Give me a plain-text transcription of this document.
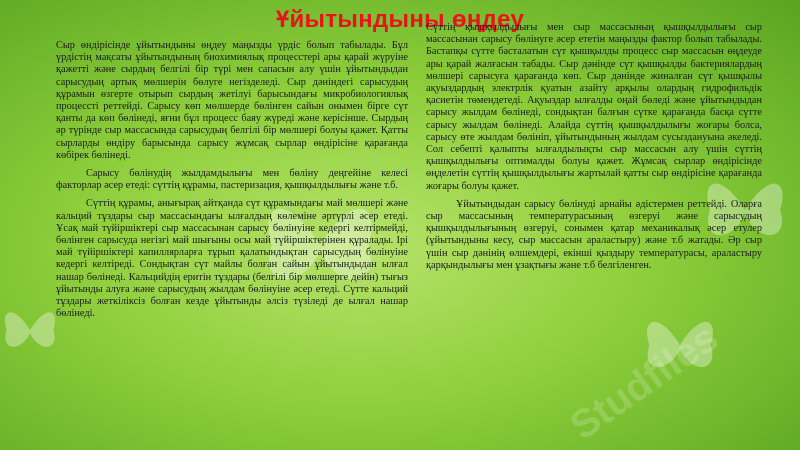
Studfiles
Ұйытындыны өңдеу

Сыр өндірісінде ұйытындыны өңдеу маңызды үрдіс болып табылады. Бұл үрдістің мақсаты ұйытындының биохимиялық процесстері ары қарай жүруіне қажетті және сырдың белгілі бір түрі мен сапасын алу үшін ұйытындыдан сарысудың артық мөлшерін бөлуге негізделеді. Сыр дәніндегі сарысудың құрамын өзгерте отырып сырдың жетілуі барысындағы микробиологиялық процессті реттейді. Сарысу көп мөлшерде бөлінген сайын онымен бірге сүт қанты да көп бөлінеді, яғни бұл процесс баяу жүреді және керісінше. Сырдың әр түрінде сыр массасында сарысудың белгілі бір мөлшері болуы қажет. Қатты сырларды өндіру барысында сарысу жұмсақ сырлар өндірісіне қарағанда көбірек бөлінеді.

Сарысу бөлінудің жылдамдылығы мен бөліну деңгейіне келесі факторлар әсер етеді: сүттің құрамы, пастеризация, қышқылдылығы және т.б.

Сүттің құрамы, анығырақ айтқанда сүт құрамындағы май мөлшері және кальций тұздары сыр массасындағы ылғалдың көлеміне әртүрлі әсер етеді. Ұсақ май түйіршіктері сыр массасынан сарысу бөлінуіне кедергі келтірмейді, бөлінген сарысуда негізгі май шығыны осы май түйіршіктерінен құралады. Ірі май түйіршіктері капиллярларға тұрып қалатындықтан сарысудың бөлінуіне кедергі келтіреді. Сондықтан сүт майлы болған сайын ұйытындыдан ылғал нашар бөлінеді. Кальцийдің еритін тұздары (белгілі бір мөлшерге дейін) тығыз ұйытынды алуға және сарысудың жылдам бөлінуіне әсер етеді. Сүтте кальций тұздары жеткіліксіз болған кезде ұйытынды әлсіз түзіледі де ылғал нашар бөлінеді.

Сүттің қышқылдылығы мен сыр массасының қышқылдылығы сыр массасынан сарысу бөлінуге әсер ететін маңызды фактор болып табылады. Бастапқы сүтте басталатын сүт қышқылды процесс сыр массасын өңдеуде ары қарай жалғасын табады. Сыр дәнінде сүт қышқылды бактериялардың мөлшері сарысуға қарағанда көп. Сыр дәнінде жиналған сүт қышқылы ақуыздардың электрлік қуатын азайту арқылы олардың гидрофильдік қасиетін төмендетеді. Ақуыздар ылғалды оңай бөледі және ұйытындыдан сарысу жылдам бөлінеді, сондықтан балғын сүтке қарағанда басқа сүтте сарысу жылдам бөлінеді. Алайда сүттің қышқылдылығы жоғары болса, сарысу өте жылдам бөлініп, ұйытындының жылдам сусыздануына әкеледі. Сол себепті қалыпты ылғалдылықты сыр массасын алу үшін сүттің қышқылдылығы оптималды болуы қажет. Жұмсақ сырлар өндірісінде өңделетін сүттің қышқылдылығы жартылай қатты сыр өндірісіне қарағанда жоғары болуы қажет.

Ұйытындыдан сарысу бөлінуді арнайы әдістермен реттейді. Оларға сыр массасының температурасының өзгеруі және сарысудың қышқылдылығының өзгеруі, сонымен қатар механикалық әсер етулер (ұйытындыны кесу, сыр массасын араластыру) және т.б жатады. Әр сыр үшін сыр дәнінің өлшемдері, екінші қыздыру температурасы, араластыру қарқындылығы мен ұзақтығы және т.б белгіленген.
